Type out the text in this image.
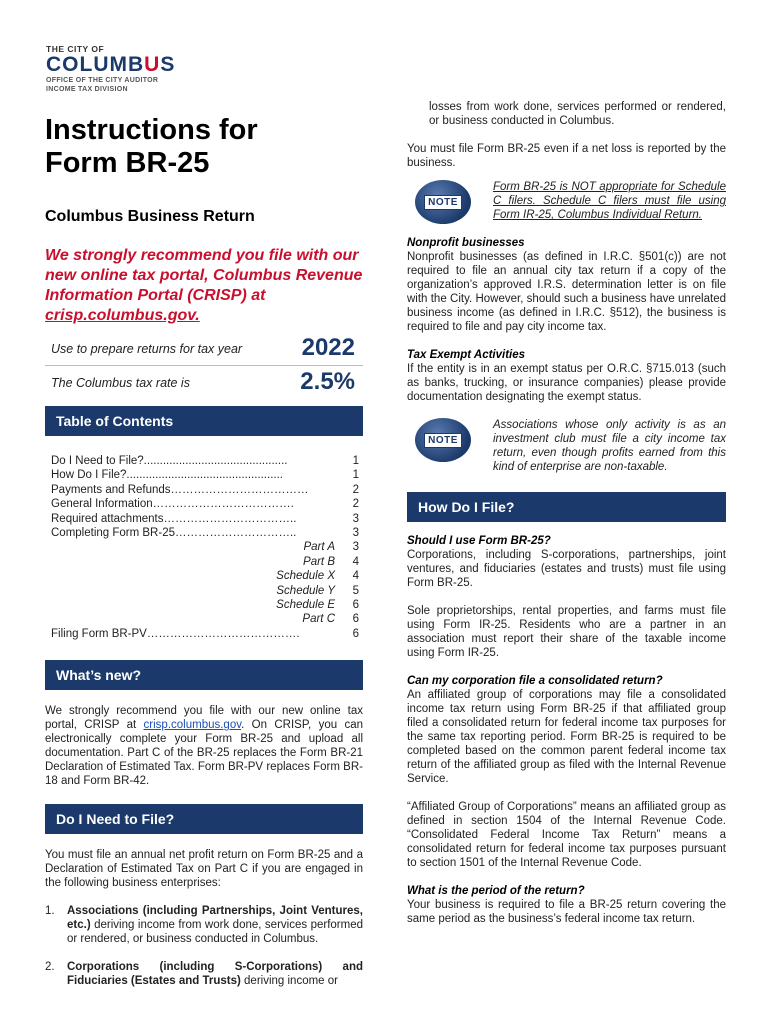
THE CITY OF
COLUMBUS
OFFICE OF THE CITY AUDITOR
INCOME TAX DIVISION
Instructions for Form BR-25
Columbus Business Return
We strongly recommend you file with our new online tax portal, Columbus Revenue Information Portal (CRISP) at crisp.columbus.gov.
Use to prepare returns for tax year 2022
The Columbus tax rate is	2.5%
Table of Contents
Do I Need to File?.............................................	1
How Do I File?.................................................	1
Payments and Refunds………………………………	2
General Information……………………………….	2
Required attachments……………………………..	3
Completing Form BR-25…………………………..	3
Part A	3
Part B	4
Schedule X	4
Schedule Y	5
Schedule E	6
Part C	6
Filing Form BR-PV………………………………….	6
What’s new?
We strongly recommend you file with our new online tax portal, CRISP at crisp.columbus.gov. On CRISP, you can electronically complete your Form BR-25 and upload all documentation. Part C of the BR-25 replaces the Form BR-21 Declaration of Estimated Tax. Form BR-PV replaces Form BR-18 and Form BR-42.
Do I Need to File?
You must file an annual net profit return on Form BR-25 and a Declaration of Estimated Tax on Part C if you are engaged in the following business enterprises:
1.	Associations (including Partnerships, Joint Ventures, etc.) deriving income from work done, services performed or rendered, or business conducted in Columbus.
2.	Corporations (including S-Corporations) and Fiduciaries (Estates and Trusts) deriving income or
losses from work done, services performed or rendered, or business conducted in Columbus.
You must file Form BR-25 even if a net loss is reported by the business.
NOTE
Form BR-25 is NOT appropriate for Schedule C filers. Schedule C filers must file using Form IR-25, Columbus Individual Return.
Nonprofit businesses
Nonprofit businesses (as defined in I.R.C. §501(c)) are not required to file an annual city tax return if a copy of the organization’s approved I.R.S. determination letter is on file with the City. However, should such a business have unrelated business income (as defined in I.R.C. §512), the business is required to file and pay city income tax.
Tax Exempt Activities
If the entity is in an exempt status per O.R.C. §715.013 (such as banks, trucking, or insurance companies) please provide documentation designating the exempt status.
NOTE
Associations whose only activity is as an investment club must file a city income tax return, even though profits earned from this kind of enterprise are non-taxable.
How Do I File?
Should I use Form BR-25?
Corporations, including S-corporations, partnerships, joint ventures, and fiduciaries (estates and trusts) must file using Form BR-25.
Sole proprietorships, rental properties, and farms must file using Form IR-25. Residents who are a partner in an association must report their share of the taxable income using Form IR-25.
Can my corporation file a consolidated return?
An affiliated group of corporations may file a consolidated income tax return using Form BR-25 if that affiliated group filed a consolidated return for federal income tax purposes for the same tax reporting period. Form BR-25 is required to be completed based on the common parent federal income tax return of the affiliated group as filed with the Internal Revenue Service.
“Affiliated Group of Corporations” means an affiliated group as defined in section 1504 of the Internal Revenue Code. “Consolidated Federal Income Tax Return” means a consolidated return for federal income tax purposes pursuant to section 1501 of the Internal Revenue Code.
What is the period of the return?
Your business is required to file a BR-25 return covering the same period as the business’s federal income tax return.
